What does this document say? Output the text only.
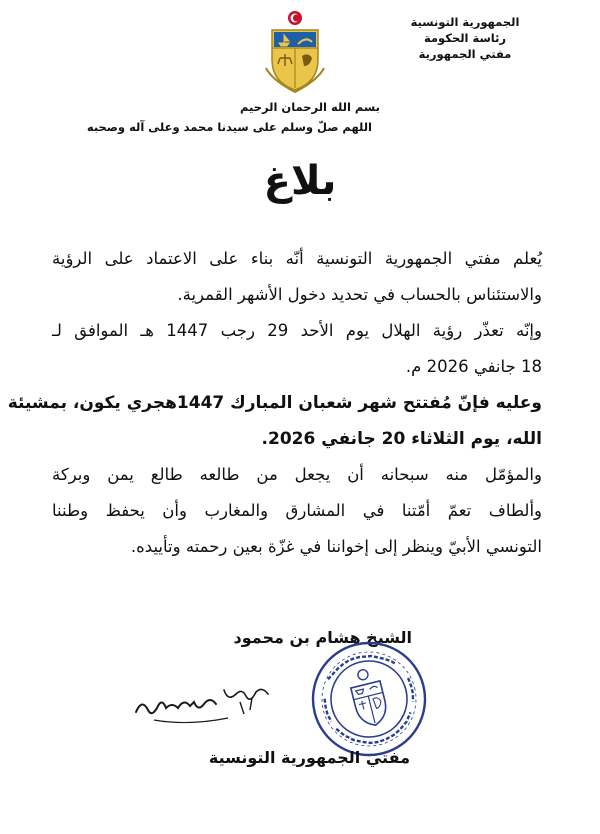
الجمهورية التونسية
رئاسة الحكومة
مفتي الجمهورية
بسم الله الرحمان الرحيم
اللهم صلّ وسلم على سيدنا محمد وعلى آله وصحبه
بلاغ
يُعلم مفتي الجمهورية التونسية أنّه بناء على الاعتماد على الرؤية
والاستئناس بالحساب في تحديد دخول الأشهر القمرية.
وإنّه تعذّر رؤية الهلال يوم الأحد 29 رجب 1447 هـ الموافق لـ
18 جانفي 2026 م.
وعليه فإنّ مُفتتح شهر شعبان المبارك 1447هجري يكون، بمشيئة
الله، يوم الثلاثاء 20 جانفي 2026.
والمؤمّل منه سبحانه أن يجعل من طالعه طالع يمن وبركة
وألطاف تعمّ أمّتنا في المشارق والمغارب وأن يحفظ وطننا
التونسي الأبيّ وينظر إلى إخواننا في غزّة بعين رحمته وتأييده.
الشيخ هشام بن محمود
مفتي الجمهورية التونسية
